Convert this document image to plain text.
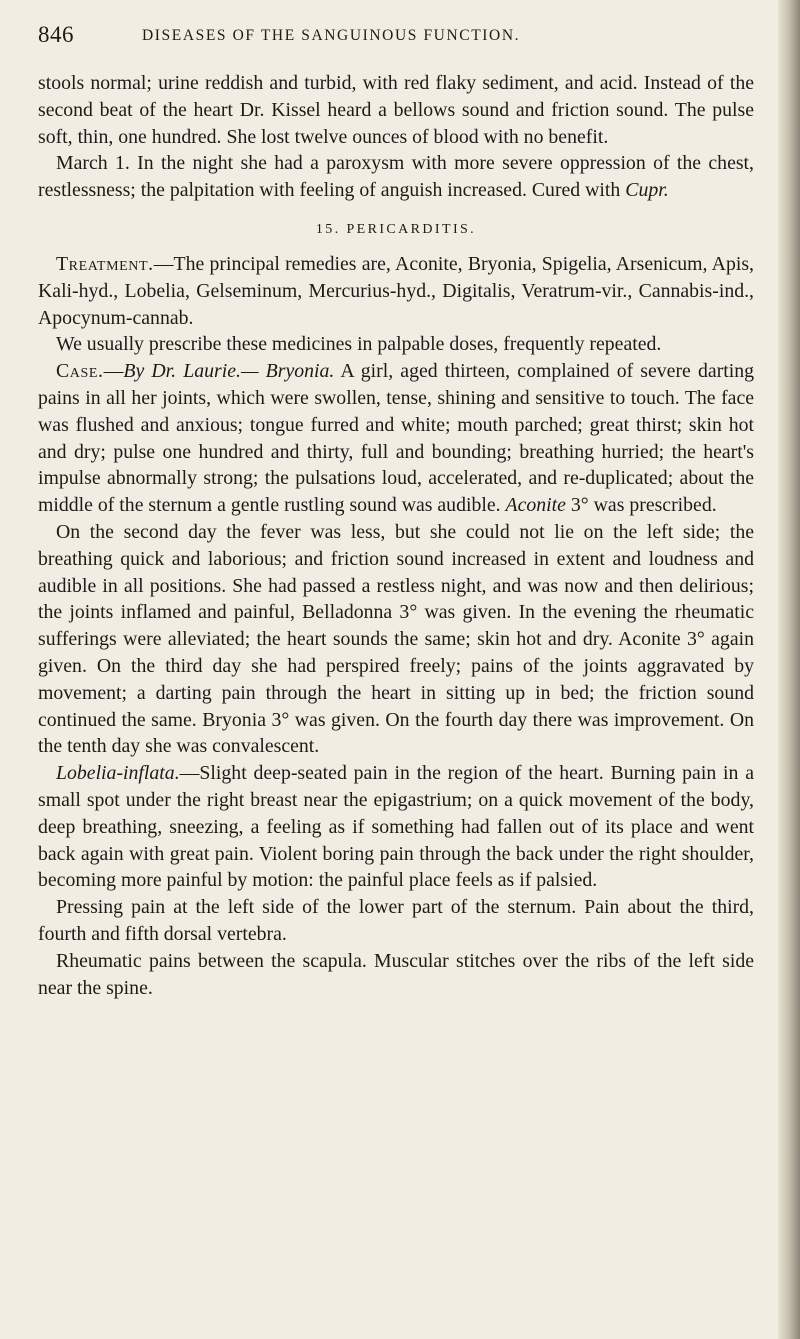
846	DISEASES OF THE SANGUINOUS FUNCTION.

stools normal; urine reddish and turbid, with red flaky sediment, and acid. Instead of the second beat of the heart Dr. Kissel heard a bellows sound and friction sound. The pulse soft, thin, one hundred. She lost twelve ounces of blood with no benefit.

March 1. In the night she had a paroxysm with more severe oppression of the chest, restlessness; the palpitation with feeling of anguish increased. Cured with Cupr.

15. PERICARDITIS.

Treatment.—The principal remedies are, Aconite, Bryonia, Spigelia, Arsenicum, Apis, Kali-hyd., Lobelia, Gelseminum, Mercurius-hyd., Digitalis, Veratrum-vir., Cannabis-ind., Apocynum-cannab.

We usually prescribe these medicines in palpable doses, frequently repeated.

Case.—By Dr. Laurie.— Bryonia. A girl, aged thirteen, complained of severe darting pains in all her joints, which were swollen, tense, shining and sensitive to touch. The face was flushed and anxious; tongue furred and white; mouth parched; great thirst; skin hot and dry; pulse one hundred and thirty, full and bounding; breathing hurried; the heart's impulse abnormally strong; the pulsations loud, accelerated, and re-duplicated; about the middle of the sternum a gentle rustling sound was audible. Aconite 3° was prescribed.

On the second day the fever was less, but she could not lie on the left side; the breathing quick and laborious; and friction sound increased in extent and loudness and audible in all positions. She had passed a restless night, and was now and then delirious; the joints inflamed and painful, Belladonna 3° was given. In the evening the rheumatic sufferings were alleviated; the heart sounds the same; skin hot and dry. Aconite 3° again given. On the third day she had perspired freely; pains of the joints aggravated by movement; a darting pain through the heart in sitting up in bed; the friction sound continued the same. Bryonia 3° was given. On the fourth day there was improvement. On the tenth day she was convalescent.

Lobelia-inflata.—Slight deep-seated pain in the region of the heart. Burning pain in a small spot under the right breast near the epigastrium; on a quick movement of the body, deep breathing, sneezing, a feeling as if something had fallen out of its place and went back again with great pain. Violent boring pain through the back under the right shoulder, becoming more painful by motion: the painful place feels as if palsied.

Pressing pain at the left side of the lower part of the sternum. Pain about the third, fourth and fifth dorsal vertebra.

Rheumatic pains between the scapula. Muscular stitches over the ribs of the left side near the spine.
